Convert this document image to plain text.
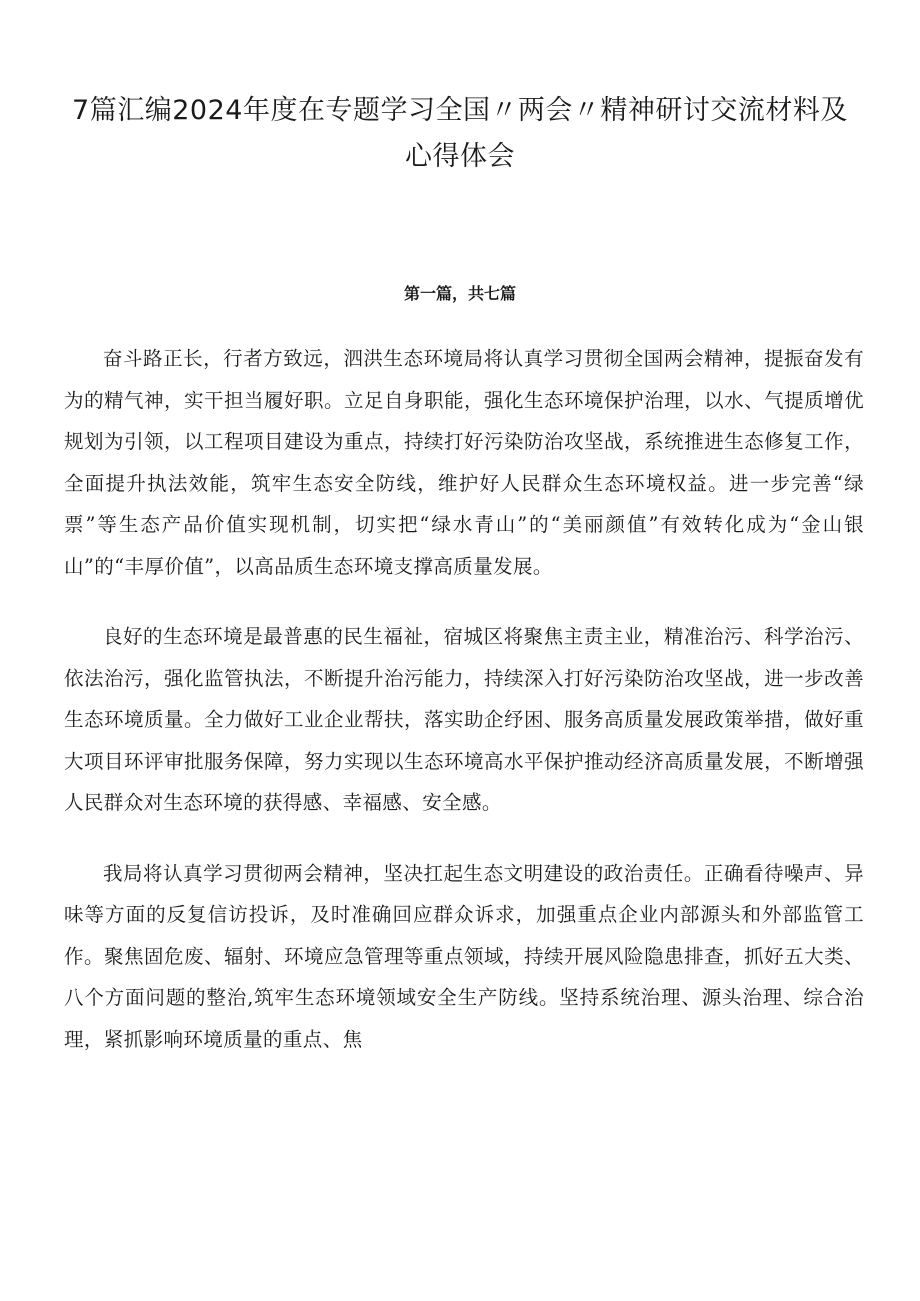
7篇汇编2024年度在专题学习全国〃两会〃精神研讨交流材料及心得体会
第一篇，共七篇

奋斗路正长，行者方致远，泗洪生态环境局将认真学习贯彻全国两会精神，提振奋发有为的精气神，实干担当履好职。立足自身职能，强化生态环境保护治理，以水、气提质增优规划为引领，以工程项目建设为重点，持续打好污染防治攻坚战，系统推进生态修复工作，全面提升执法效能，筑牢生态安全防线，维护好人民群众生态环境权益。进一步完善“绿票”等生态产品价值实现机制，切实把“绿水青山”的“美丽颜值”有效转化成为“金山银山”的“丰厚价值”，以高品质生态环境支撑高质量发展。

良好的生态环境是最普惠的民生福祉，宿城区将聚焦主责主业，精准治污、科学治污、依法治污，强化监管执法，不断提升治污能力，持续深入打好污染防治攻坚战，进一步改善生态环境质量。全力做好工业企业帮扶，落实助企纾困、服务高质量发展政策举措，做好重大项目环评审批服务保障，努力实现以生态环境高水平保护推动经济高质量发展，不断增强人民群众对生态环境的获得感、幸福感、安全感。

我局将认真学习贯彻两会精神，坚决扛起生态文明建设的政治责任。正确看待噪声、异味等方面的反复信访投诉，及时准确回应群众诉求，加强重点企业内部源头和外部监管工作。聚焦固危废、辐射、环境应急管理等重点领域，持续开展风险隐患排查，抓好五大类、八个方面问题的整治,筑牢生态环境领域安全生产防线。坚持系统治理、源头治理、综合治理，紧抓影响环境质量的重点、焦
